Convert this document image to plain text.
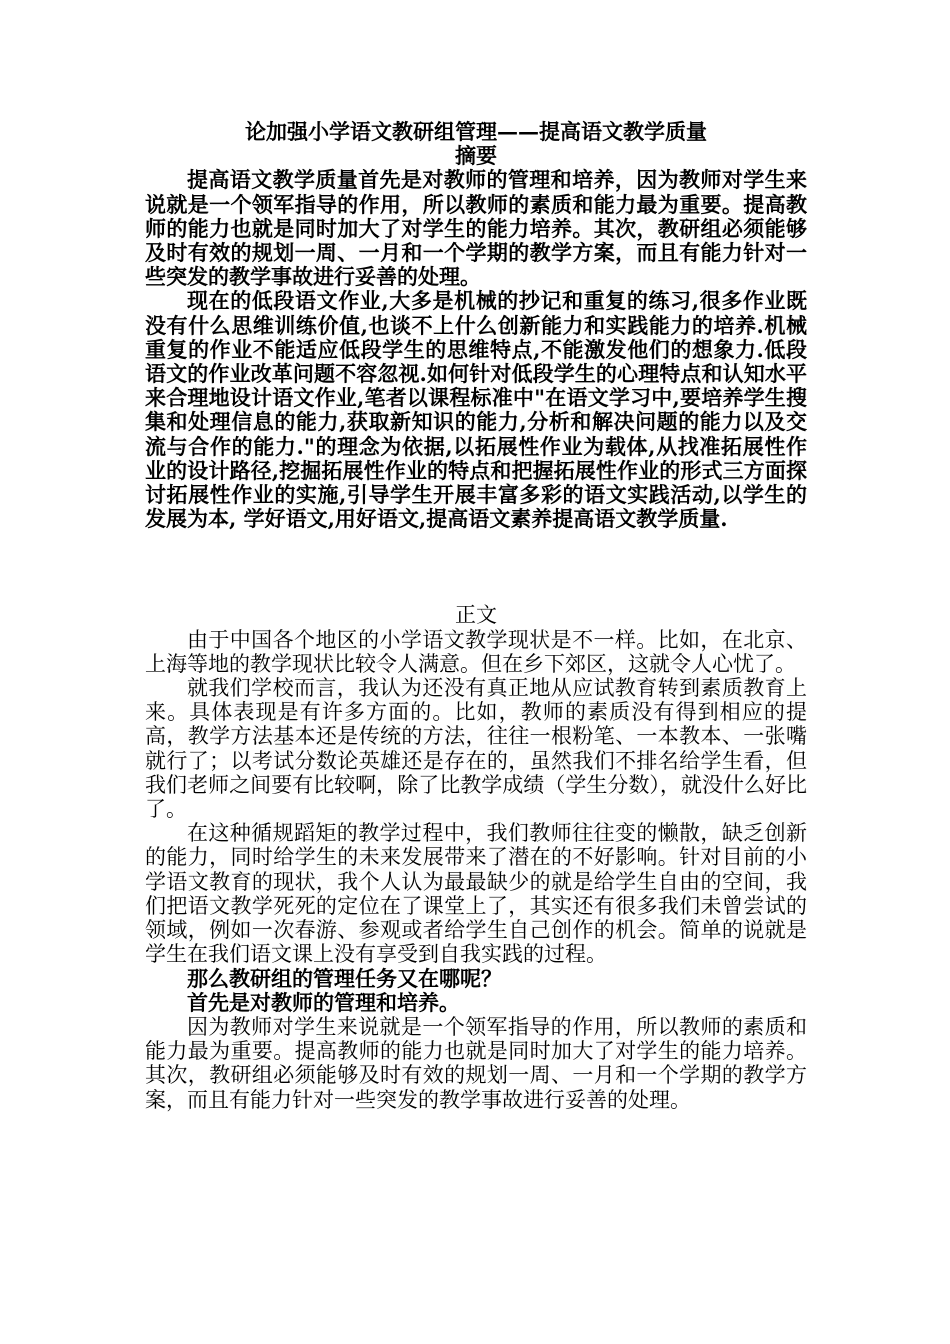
论加强小学语文教研组管理——提高语文教学质量
摘要

提高语文教学质量首先是对教师的管理和培养，因为教师对学生来说就是一个领军指导的作用，所以教师的素质和能力最为重要。提高教师的能力也就是同时加大了对学生的能力培养。其次，教研组必须能够及时有效的规划一周、一月和一个学期的教学方案，而且有能力针对一些突发的教学事故进行妥善的处理。

现在的低段语文作业,大多是机械的抄记和重复的练习,很多作业既没有什么思维训练价值,也谈不上什么创新能力和实践能力的培养.机械重复的作业不能适应低段学生的思维特点,不能激发他们的想象力.低段语文的作业改革问题不容忽视.如何针对低段学生的心理特点和认知水平来合理地设计语文作业,笔者以课程标准中"在语文学习中,要培养学生搜集和处理信息的能力,获取新知识的能力,分析和解决问题的能力以及交流与合作的能力."的理念为依据,以拓展性作业为载体,从找准拓展性作业的设计路径,挖掘拓展性作业的特点和把握拓展性作业的形式三方面探讨拓展性作业的实施,引导学生开展丰富多彩的语文实践活动,以学生的发展为本, 学好语文,用好语文,提高语文素养提高语文教学质量.

正文

由于中国各个地区的小学语文教学现状是不一样。比如，在北京、上海等地的教学现状比较令人满意。但在乡下郊区，这就令人心忧了。

就我们学校而言，我认为还没有真正地从应试教育转到素质教育上来。具体表现是有许多方面的。比如，教师的素质没有得到相应的提高，教学方法基本还是传统的方法，往往一根粉笔、一本教本、一张嘴就行了；以考试分数论英雄还是存在的，虽然我们不排名给学生看，但我们老师之间要有比较啊，除了比教学成绩（学生分数），就没什么好比了。

在这种循规蹈矩的教学过程中，我们教师往往变的懒散，缺乏创新的能力，同时给学生的未来发展带来了潜在的不好影响。针对目前的小学语文教育的现状，我个人认为最最缺少的就是给学生自由的空间，我们把语文教学死死的定位在了课堂上了，其实还有很多我们未曾尝试的领域，例如一次春游、参观或者给学生自己创作的机会。简单的说就是学生在我们语文课上没有享受到自我实践的过程。

那么教研组的管理任务又在哪呢？

首先是对教师的管理和培养。

因为教师对学生来说就是一个领军指导的作用，所以教师的素质和能力最为重要。提高教师的能力也就是同时加大了对学生的能力培养。其次，教研组必须能够及时有效的规划一周、一月和一个学期的教学方案，而且有能力针对一些突发的教学事故进行妥善的处理。
